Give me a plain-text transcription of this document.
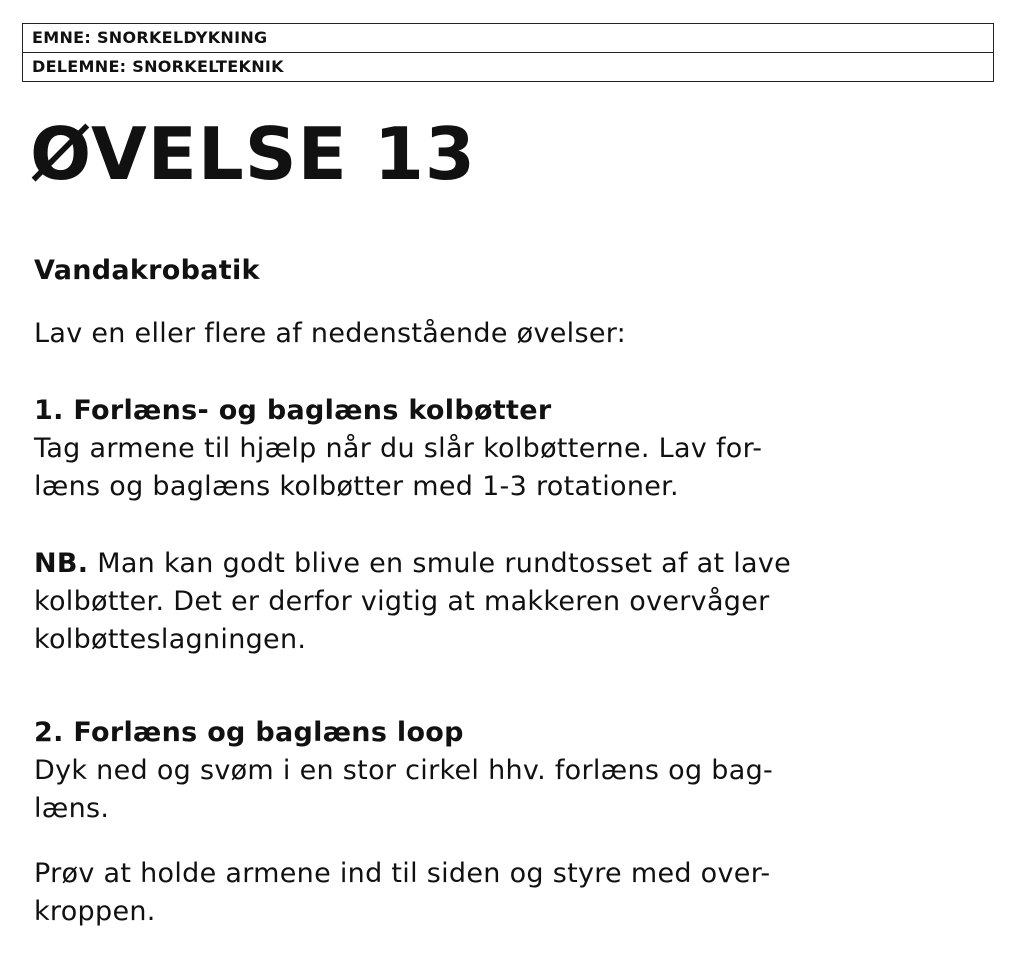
EMNE: SNORKELDYKNING
DELEMNE: SNORKELTEKNIK
ØVELSE 13
Vandakrobatik
Lav en eller flere af nedenstående øvelser:
1. Forlæns- og baglæns kolbøtter
Tag armene til hjælp når du slår kolbøtterne. Lav for-
læns og baglæns kolbøtter med 1-3 rotationer.
NB. Man kan godt blive en smule rundtosset af at lave
kolbøtter. Det er derfor vigtig at makkeren overvåger
kolbøtteslagningen.
2. Forlæns og baglæns loop
Dyk ned og svøm i en stor cirkel hhv. forlæns og bag-
læns.
Prøv at holde armene ind til siden og styre med over-
kroppen.
